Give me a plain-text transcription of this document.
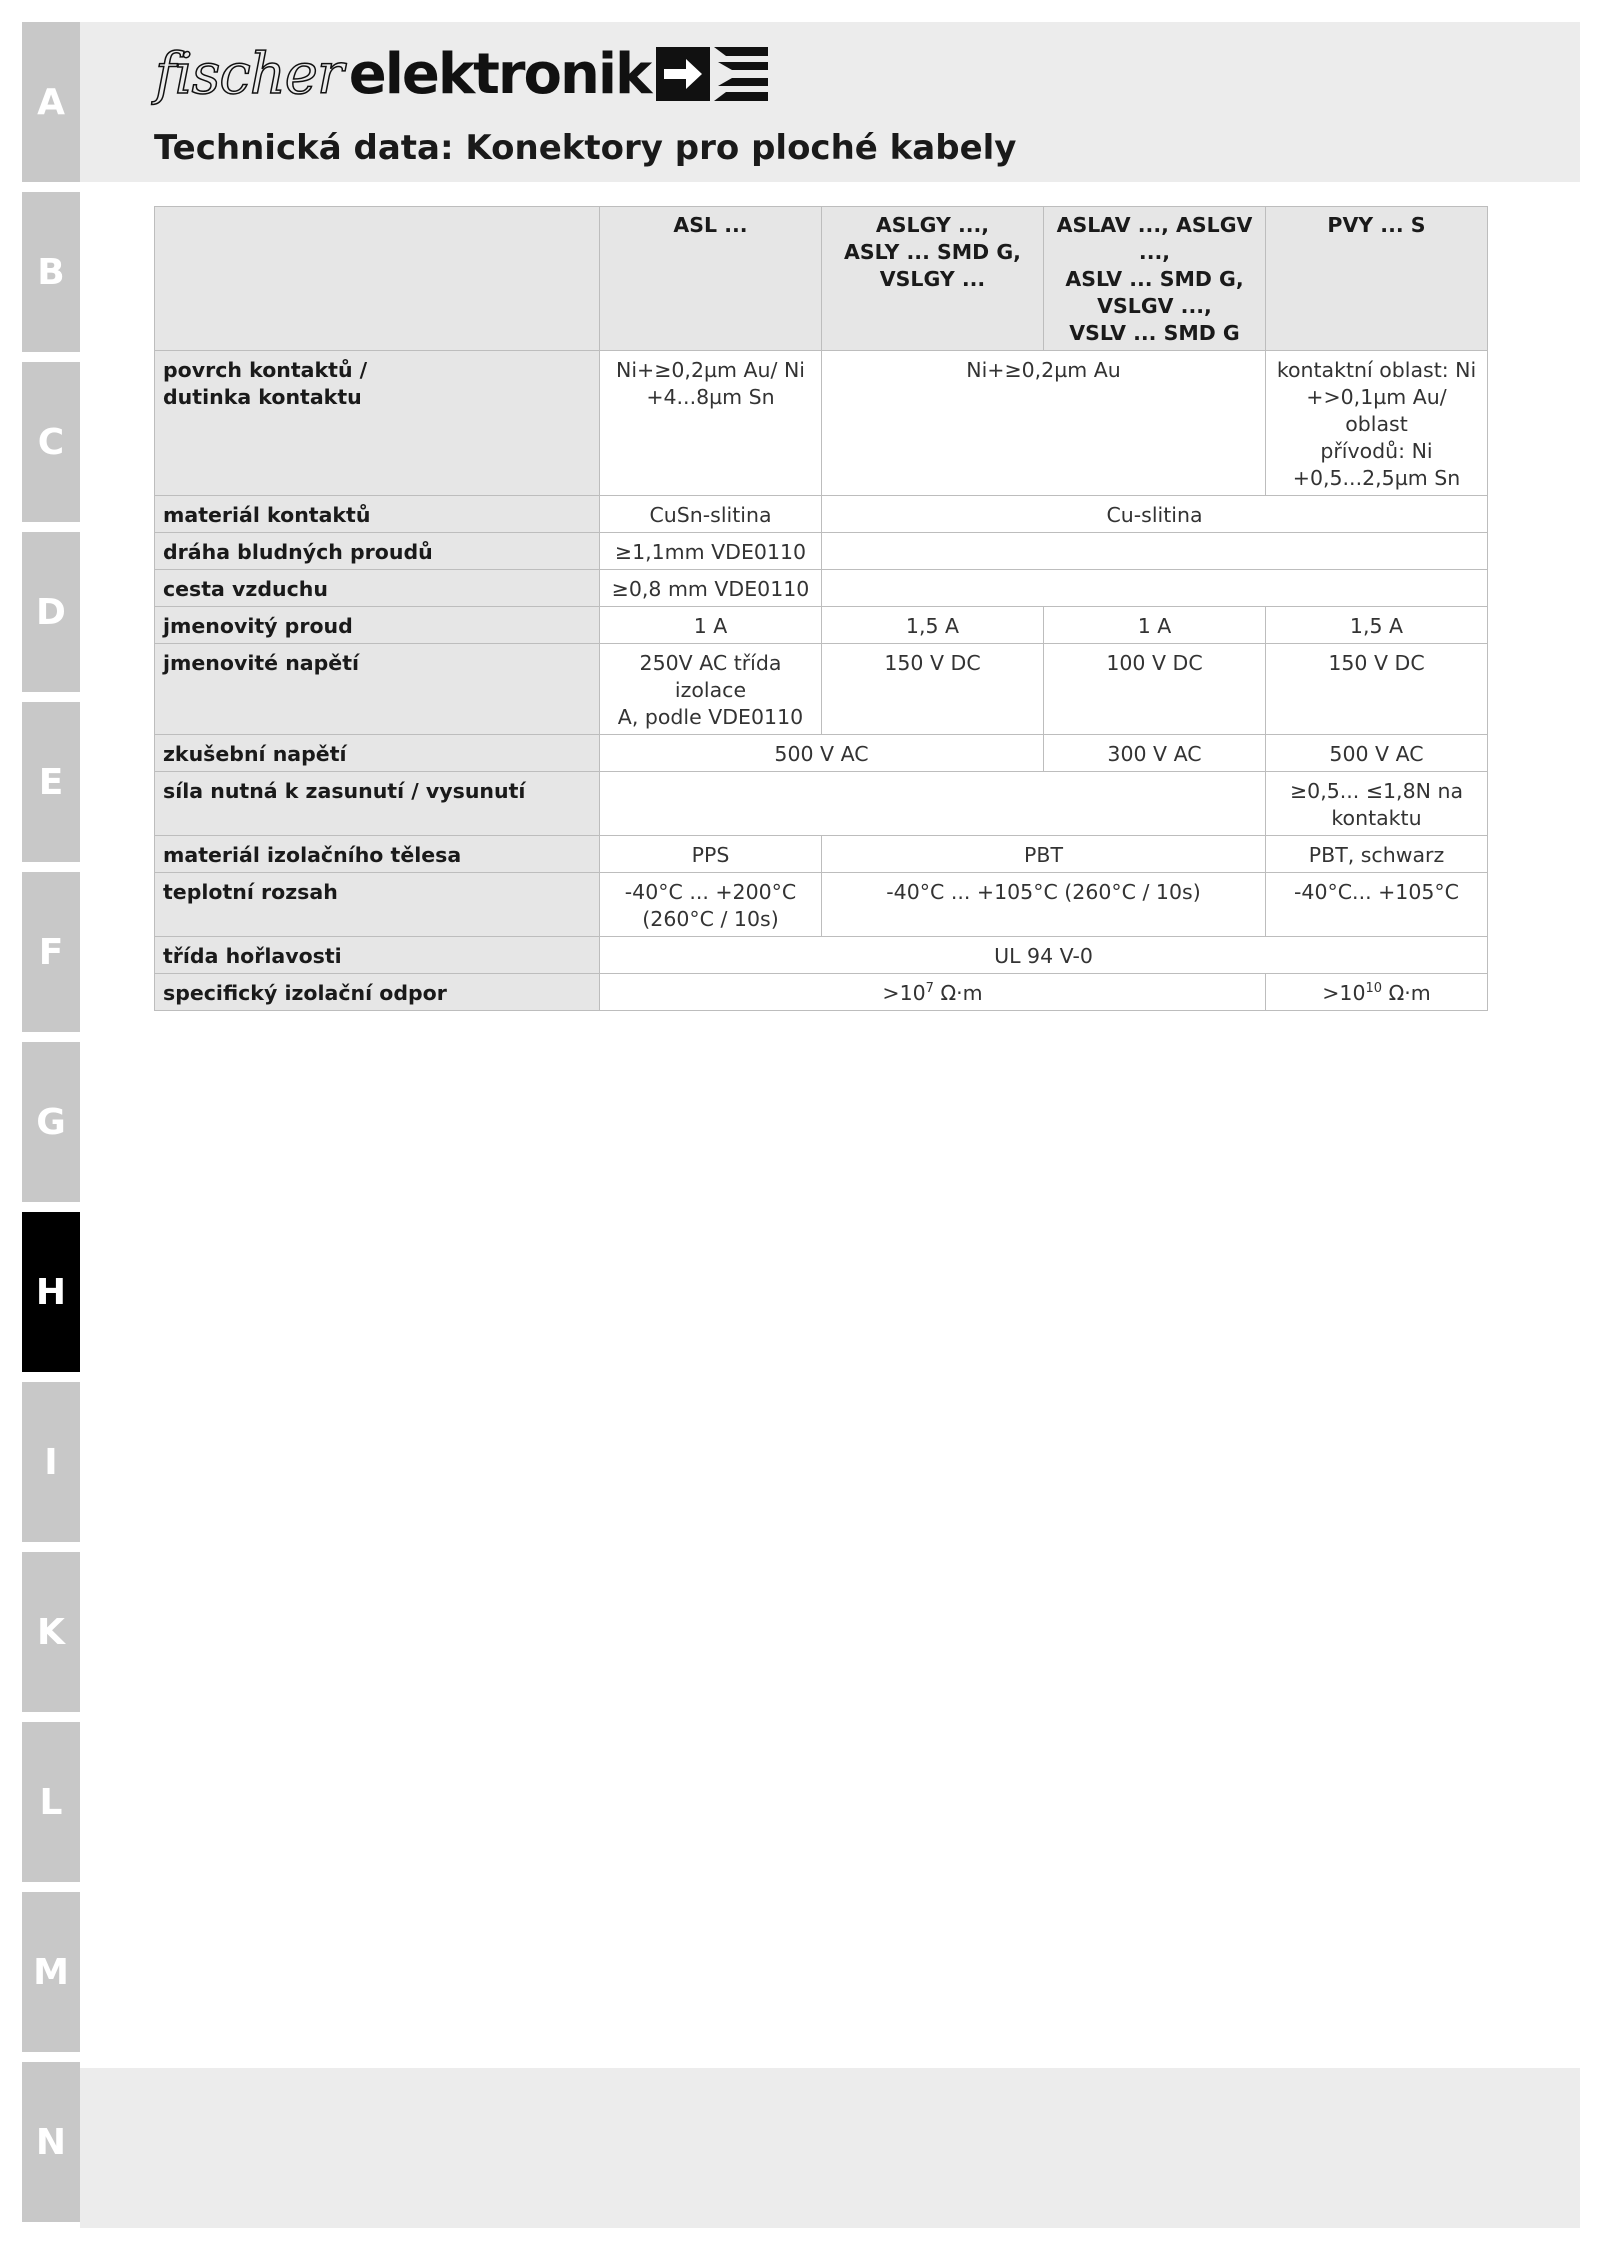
A
B
C
D
E
F
G
H
I
K
L
M
N
fischer elektronik
Technická data: Konektory pro ploché kabely
	ASL ...	ASLGY ...,
ASLY ... SMD G,
VSLGY ...	ASLAV ..., ASLGV ...,
ASLV ... SMD G,
VSLGV ...,
VSLV ... SMD G	PVY ... S
povrch kontaktů /
dutinka kontaktu	Ni+≥0,2µm Au/ Ni
+4...8µm Sn	Ni+≥0,2µm Au		kontaktní oblast: Ni
+>0,1µm Au/ oblast
přívodů: Ni
+0,5...2,5µm Sn
materiál kontaktů	CuSn-slitina	Cu-slitina		
dráha bludných proudů	≥1,1mm VDE0110			
cesta vzduchu	≥0,8 mm VDE0110			
jmenovitý proud	1 A	1,5 A	1 A	1,5 A
jmenovité napětí	250V AC třída izolace
A, podle VDE0110	150 V DC	100 V DC	150 V DC
zkušební napětí	500 V AC		300 V AC	500 V AC
síla nutná k zasunutí / vysunutí				≥0,5... ≤1,8N na
kontaktu
materiál izolačního tělesa	PPS	PBT		PBT, schwarz
teplotní rozsah	-40°C ... +200°C
(260°C / 10s)	-40°C ... +105°C (260°C / 10s)		-40°C... +105°C
třída hořlavosti	UL 94 V-0			
specifický izolační odpor	$>10^7$ Ω·m			$>10^{10}$ Ω·m
